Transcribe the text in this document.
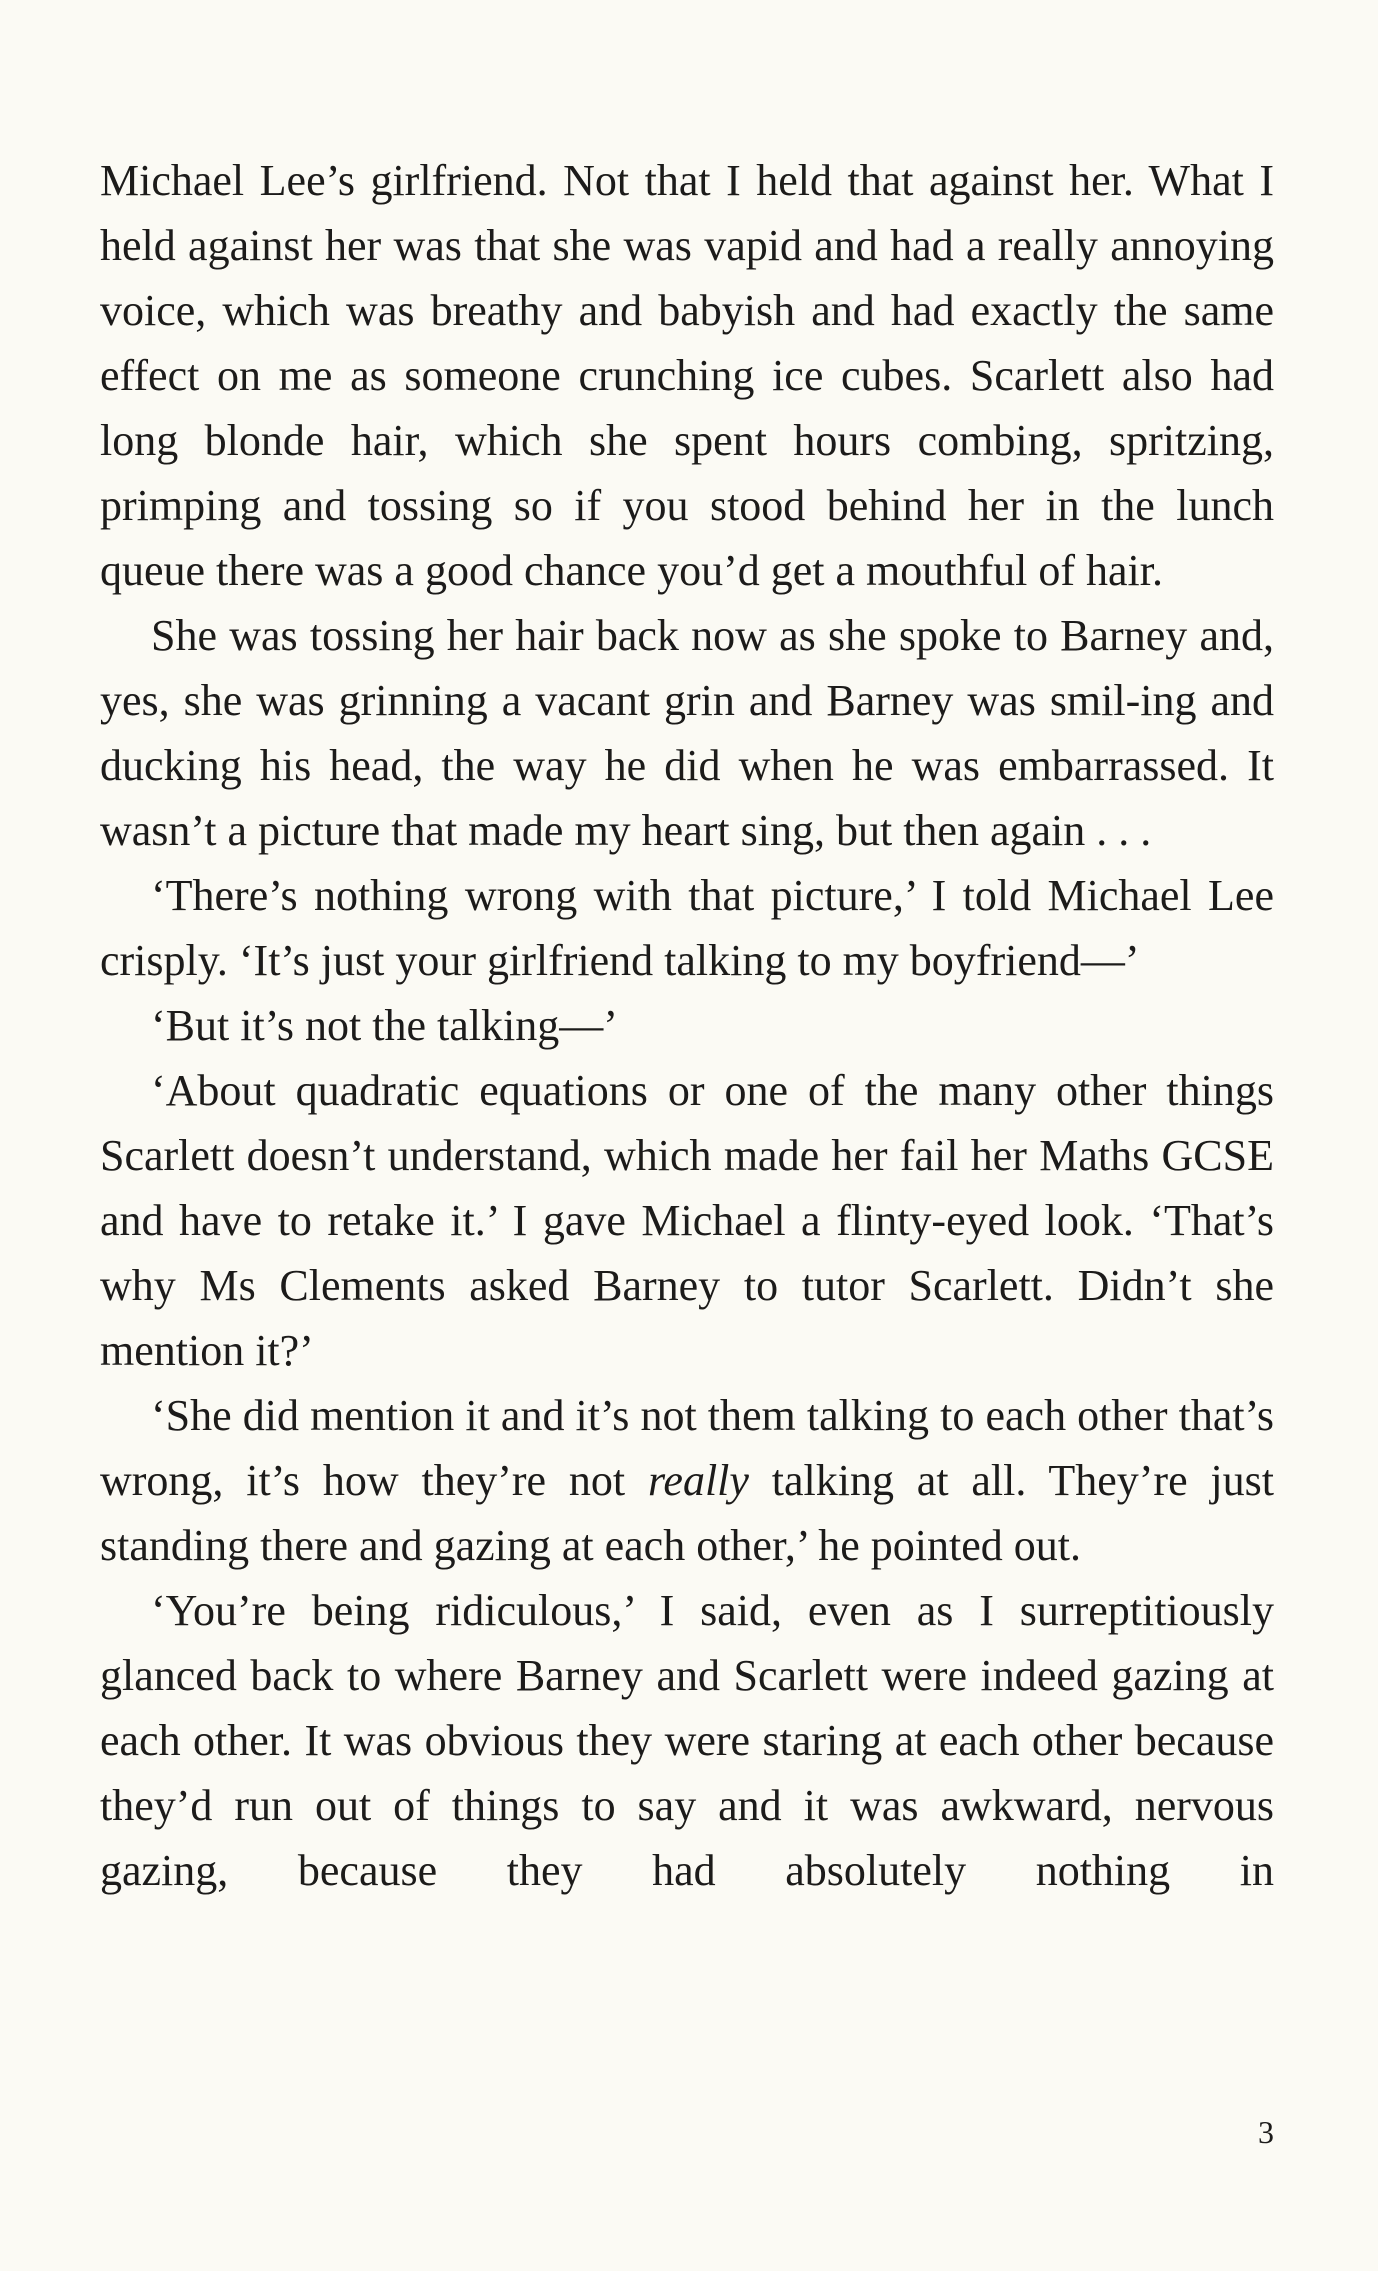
Michael Lee’s girlfriend. Not that I held that against her. What I held against her was that she was vapid and had a really annoying voice, which was breathy and babyish and had exactly the same effect on me as someone crunching ice cubes. Scarlett also had long blonde hair, which she spent hours combing, spritzing, primping and tossing so if you stood behind her in the lunch queue there was a good chance you’d get a mouthful of hair.

She was tossing her hair back now as she spoke to Barney and, yes, she was grinning a vacant grin and Barney was smil-ing and ducking his head, the way he did when he was embarrassed. It wasn’t a picture that made my heart sing, but then again . . .

‘There’s nothing wrong with that picture,’ I told Michael Lee crisply. ‘It’s just your girlfriend talking to my boyfriend—’

‘But it’s not the talking—’

‘About quadratic equations or one of the many other things Scarlett doesn’t understand, which made her fail her Maths GCSE and have to retake it.’ I gave Michael a flinty-eyed look. ‘That’s why Ms Clements asked Barney to tutor Scarlett. Didn’t she mention it?’

‘She did mention it and it’s not them talking to each other that’s wrong, it’s how they’re not really talking at all. They’re just standing there and gazing at each other,’ he pointed out.

‘You’re being ridiculous,’ I said, even as I surreptitiously glanced back to where Barney and Scarlett were indeed gazing at each other. It was obvious they were staring at each other because they’d run out of things to say and it was awkward, nervous gazing, because they had absolutely nothing in

3
